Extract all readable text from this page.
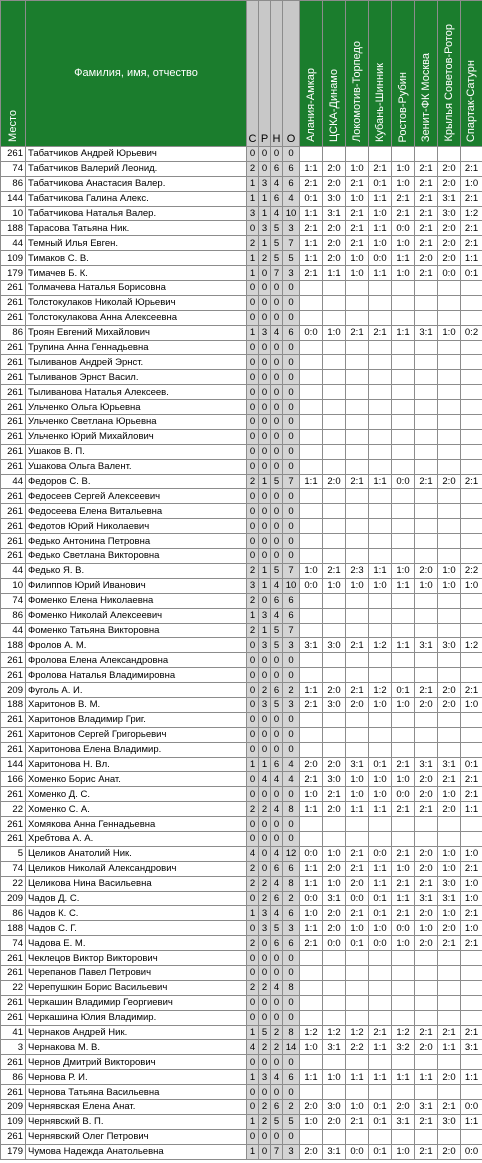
Место	Фамилия, имя, отчество	С	Р	Н	О	Алания-Амкар	ЦСКА-Динамо	Локомотив-Торпедо	Кубань-Шинник	Ростов-Рубин	Зенит-ФК Москва	Крылья Советов-Ротор	Спартак-Сатурн
261	Табатчиков Андрей Юрьевич	0	0	0	0								
74	Табатчиков Валерий Леонид.	2	0	6	6	1:1	2:0	1:0	2:1	1:0	2:1	2:0	2:1
86	Табатчикова Анастасия Валер.	1	3	4	6	2:1	2:0	2:1	0:1	1:0	2:1	2:0	1:0
144	Табатчикова Галина Алекс.	1	1	6	4	0:1	3:0	1:0	1:1	2:1	2:1	3:1	2:1
10	Табатчикова Наталья Валер.	3	1	4	10	1:1	3:1	2:1	1:0	2:1	2:1	3:0	1:2
188	Тарасова Татьяна Ник.	0	3	5	3	2:1	2:0	2:1	1:1	0:0	2:1	2:0	2:1
44	Темный Илья Евген.	2	1	5	7	1:1	2:0	2:1	1:0	1:0	2:1	2:0	2:1
109	Тимаков С. В.	1	2	5	5	1:1	2:0	1:0	0:0	1:1	2:0	2:0	1:1
179	Тимачев Б. К.	1	0	7	3	2:1	1:1	1:0	1:1	1:0	2:1	0:0	0:1
261	Толмачева Наталья Борисовна	0	0	0	0								
261	Толстокулаков Николай Юрьевич	0	0	0	0								
261	Толстокулакова Анна Алексеевна	0	0	0	0								
86	Троян Евгений Михайлович	1	3	4	6	0:0	1:0	2:1	2:1	1:1	3:1	1:0	0:2
261	Трупина Анна Геннадьевна	0	0	0	0								
261	Тыливанов Андрей Эрнст.	0	0	0	0								
261	Тыливанов Эрнст Васил.	0	0	0	0								
261	Тыливанова Наталья Алексеев.	0	0	0	0								
261	Ульченко Ольга Юрьевна	0	0	0	0								
261	Ульченко Светлана Юрьевна	0	0	0	0								
261	Ульченко Юрий Михайлович	0	0	0	0								
261	Ушаков В. П.	0	0	0	0								
261	Ушакова Ольга Валент.	0	0	0	0								
44	Федоров С. В.	2	1	5	7	1:1	2:0	2:1	1:1	0:0	2:1	2:0	2:1
261	Федосеев Сергей Алексеевич	0	0	0	0								
261	Федосеева Елена Витальевна	0	0	0	0								
261	Федотов Юрий Николаевич	0	0	0	0								
261	Федько Антонина Петровна	0	0	0	0								
261	Федько Светлана Викторовна	0	0	0	0								
44	Федько Я. В.	2	1	5	7	1:0	2:1	2:3	1:1	1:0	2:0	1:0	2:2
10	Филиппов Юрий Иванович	3	1	4	10	0:0	1:0	1:0	1:0	1:1	1:0	1:0	1:0
74	Фоменко Елена Николаевна	2	0	6	6								
86	Фоменко Николай Алексеевич	1	3	4	6								
44	Фоменко Татьяна Викторовна	2	1	5	7								
188	Фролов А. М.	0	3	5	3	3:1	3:0	2:1	1:2	1:1	3:1	3:0	1:2
261	Фролова Елена Александровна	0	0	0	0								
261	Фролова Наталья Владимировна	0	0	0	0								
209	Фуголь А. И.	0	2	6	2	1:1	2:0	2:1	1:2	0:1	2:1	2:0	2:1
188	Харитонов В. М.	0	3	5	3	2:1	3:0	2:0	1:0	1:0	2:0	2:0	1:0
261	Харитонов Владимир Григ.	0	0	0	0								
261	Харитонов Сергей Григорьевич	0	0	0	0								
261	Харитонова Елена Владимир.	0	0	0	0								
144	Харитонова Н. Вл.	1	1	6	4	2:0	2:0	3:1	0:1	2:1	3:1	3:1	0:1
166	Хоменко Борис Анат.	0	4	4	4	2:1	3:0	1:0	1:0	1:0	2:0	2:1	2:1
261	Хоменко Д. С.	0	0	0	0	1:0	2:1	1:0	1:0	0:0	2:0	1:0	2:1
22	Хоменко С. А.	2	2	4	8	1:1	2:0	1:1	1:1	2:1	2:1	2:0	1:1
261	Хомякова Анна Геннадьевна	0	0	0	0								
261	Хребтова А. А.	0	0	0	0								
5	Целиков Анатолий Ник.	4	0	4	12	0:0	1:0	2:1	0:0	2:1	2:0	1:0	1:0
74	Целиков Николай Александрович	2	0	6	6	1:1	2:0	2:1	1:1	1:0	2:0	1:0	2:1
22	Целикова Нина Васильевна	2	2	4	8	1:1	1:0	2:0	1:1	2:1	2:1	3:0	1:0
209	Чадов Д. С.	0	2	6	2	0:0	3:1	0:0	0:1	1:1	3:1	3:1	1:0
86	Чадов К. С.	1	3	4	6	1:0	2:0	2:1	0:1	2:1	2:0	1:0	2:1
188	Чадов С. Г.	0	3	5	3	1:1	2:0	1:0	1:0	0:0	1:0	2:0	1:0
74	Чадова Е. М.	2	0	6	6	2:1	0:0	0:1	0:0	1:0	2:0	2:1	2:1
261	Чеклецов Виктор Викторович	0	0	0	0								
261	Черепанов Павел Петрович	0	0	0	0								
22	Черепушкин Борис Васильевич	2	2	4	8								
261	Черкашин Владимир Георгиевич	0	0	0	0								
261	Черкашина Юлия Владимир.	0	0	0	0								
41	Чернаков Андрей Ник.	1	5	2	8	1:2	1:2	1:2	2:1	1:2	2:1	2:1	2:1
3	Чернакова М. В.	4	2	2	14	1:0	3:1	2:2	1:1	3:2	2:0	1:1	3:1
261	Чернов Дмитрий Викторович	0	0	0	0								
86	Чернова Р. И.	1	3	4	6	1:1	1:0	1:1	1:1	1:1	1:1	2:0	1:1
261	Чернова Татьяна Васильевна	0	0	0	0								
209	Чернявская Елена Анат.	0	2	6	2	2:0	3:0	1:0	0:1	2:0	3:1	2:1	0:0
109	Чернявский В. П.	1	2	5	5	1:0	2:0	2:1	0:1	3:1	2:1	3:0	1:1
261	Чернявский Олег Петрович	0	0	0	0								
179	Чумова Надежда Анатольевна	1	0	7	3	2:0	3:1	0:0	0:1	1:0	2:1	2:0	0:0
